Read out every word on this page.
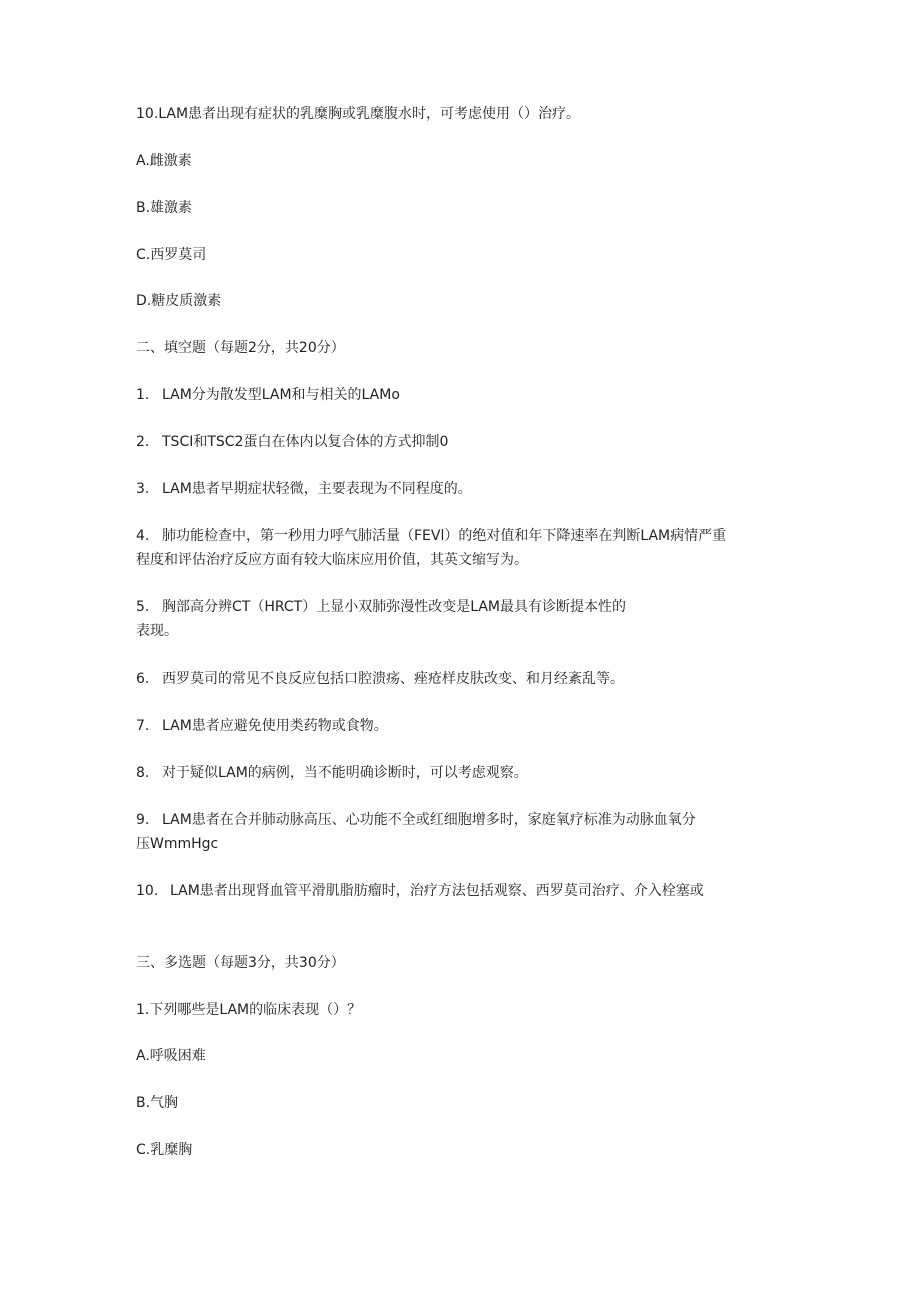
10.LAM患者出现有症状的乳糜胸或乳糜腹水时，可考虑使用（）治疗。

A.雌激素

B.雄激素

C.西罗莫司

D.糖皮质激素

二、填空题（每题2分，共20分）

1. LAM分为散发型LAM和与相关的LAMo

2. TSCI和TSC2蛋白在体内以复合体的方式抑制0

3. LAM患者早期症状轻微，主要表现为不同程度的。

4. 肺功能检查中，第一秒用力呼气肺活量（FEVl）的绝对值和年下降速率在判断LAM病情严重

程度和评估治疗反应方面有较大临床应用价值，其英文缩写为。

5. 胸部高分辨CT（HRCT）上显小双肺弥漫性改变是LAM最具有诊断提本性的

表现。

6. 西罗莫司的常见不良反应包括口腔溃疡、痤疮样皮肤改变、和月经紊乱等。

7. LAM患者应避免使用类药物或食物。

8. 对于疑似LAM的病例，当不能明确诊断时，可以考虑观察。

9. LAM患者在合并肺动脉高压、心功能不全或红细胞增多时，家庭氧疗标准为动脉血氧分

压WmmHgc

10. LAM患者出现肾血管平滑肌脂肪瘤时，治疗方法包括观察、西罗莫司治疗、介入栓塞或

三、多选题（每题3分，共30分）

1.下列哪些是LAM的临床表现（）？

A.呼吸困难

B.气胸

C.乳糜胸
